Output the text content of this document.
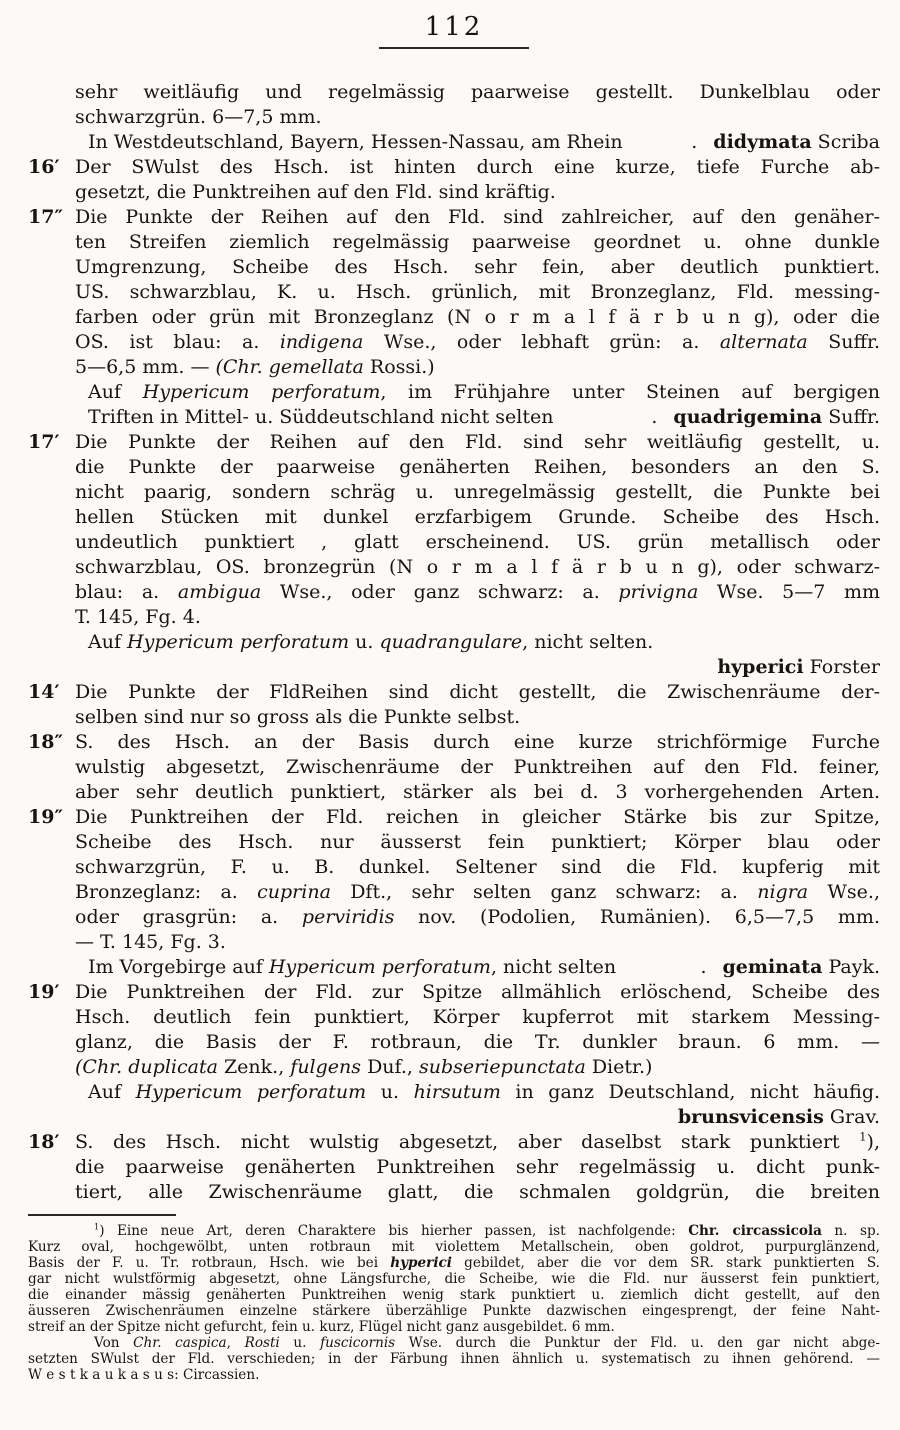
112
sehr weitläufig und regelmässig paarweise gestellt. Dunkelblau oder
schwarzgrün. 6—7,5 mm.
In Westdeutschland, Bayern, Hessen-Nassau, am Rhein	. didymata Scriba
16′ Der SWulst des Hsch. ist hinten durch eine kurze, tiefe Furche ab-
gesetzt, die Punktreihen auf den Fld. sind kräftig.
17″ Die Punkte der Reihen auf den Fld. sind zahlreicher, auf den genäher-
ten Streifen ziemlich regelmässig paarweise geordnet u. ohne dunkle
Umgrenzung, Scheibe des Hsch. sehr fein, aber deutlich punktiert.
US. schwarzblau, K. u. Hsch. grünlich, mit Bronzeglanz, Fld. messing-
farben oder grün mit Bronzeglanz (N o r m a l f ä r b u n g), oder die
OS. ist blau: a. indigena Wse., oder lebhaft grün: a. alternata Suffr.
5—6,5 mm. — (Chr. gemellata Rossi.)
Auf Hypericum perforatum, im Frühjahre unter Steinen auf bergigen
Triften in Mittel- u. Süddeutschland nicht selten	. quadrigemina Suffr.
17′ Die Punkte der Reihen auf den Fld. sind sehr weitläufig gestellt, u.
die Punkte der paarweise genäherten Reihen, besonders an den S.
nicht paarig, sondern schräg u. unregelmässig gestellt, die Punkte bei
hellen Stücken mit dunkel erzfarbigem Grunde. Scheibe des Hsch.
undeutlich punktiert , glatt erscheinend. US. grün metallisch oder
schwarzblau, OS. bronzegrün (N o r m a l f ä r b u n g), oder schwarz-
blau: a. ambigua Wse., oder ganz schwarz: a. privigna Wse. 5—7 mm
T. 145, Fg. 4.
Auf Hypericum perforatum u. quadrangulare, nicht selten.
hyperici Forster
14′ Die Punkte der FldReihen sind dicht gestellt, die Zwischenräume der-
selben sind nur so gross als die Punkte selbst.
18″ S. des Hsch. an der Basis durch eine kurze strichförmige Furche
wulstig abgesetzt, Zwischenräume der Punktreihen auf den Fld. feiner,
aber sehr deutlich punktiert, stärker als bei d. 3 vorhergehenden Arten.
19″ Die Punktreihen der Fld. reichen in gleicher Stärke bis zur Spitze,
Scheibe des Hsch. nur äusserst fein punktiert; Körper blau oder
schwarzgrün, F. u. B. dunkel. Seltener sind die Fld. kupferig mit
Bronzeglanz: a. cuprina Dft., sehr selten ganz schwarz: a. nigra Wse.,
oder grasgrün: a. perviridis nov. (Podolien, Rumänien). 6,5—7,5 mm.
— T. 145, Fg. 3.
Im Vorgebirge auf Hypericum perforatum, nicht selten	. geminata Payk.
19′ Die Punktreihen der Fld. zur Spitze allmählich erlöschend, Scheibe des
Hsch. deutlich fein punktiert, Körper kupferrot mit starkem Messing-
glanz, die Basis der F. rotbraun, die Tr. dunkler braun. 6 mm. —
(Chr. duplicata Zenk., fulgens Duf., subseriepunctata Dietr.)
Auf Hypericum perforatum u. hirsutum in ganz Deutschland, nicht häufig.
brunsvicensis Grav.
18′ S. des Hsch. nicht wulstig abgesetzt, aber daselbst stark punktiert $^1$),
die paarweise genäherten Punktreihen sehr regelmässig u. dicht punk-
tiert, alle Zwischenräume glatt, die schmalen goldgrün, die breiten
$^1$) Eine neue Art, deren Charaktere bis hierher passen, ist nachfolgende: Chr. circassicola n. sp.
Kurz oval, hochgewölbt, unten rotbraun mit violettem Metallschein, oben goldrot, purpurglänzend,
Basis der F. u. Tr. rotbraun, Hsch. wie bei hyperici gebildet, aber die vor dem SR. stark punktierten S.
gar nicht wulstförmig abgesetzt, ohne Längsfurche, die Scheibe, wie die Fld. nur äusserst fein punktiert,
die einander mässig genäherten Punktreihen wenig stark punktiert u. ziemlich dicht gestellt, auf den
äusseren Zwischenräumen einzelne stärkere überzählige Punkte dazwischen eingesprengt, der feine Naht-
streif an der Spitze nicht gefurcht, fein u. kurz, Flügel nicht ganz ausgebildet. 6 mm.
Von Chr. caspica, Rosti u. fuscicornis Wse. durch die Punktur der Fld. u. den gar nicht abge-
setzten SWulst der Fld. verschieden; in der Färbung ihnen ähnlich u. systematisch zu ihnen gehörend. —
W e s t k a u k a s u s: Circassien.
